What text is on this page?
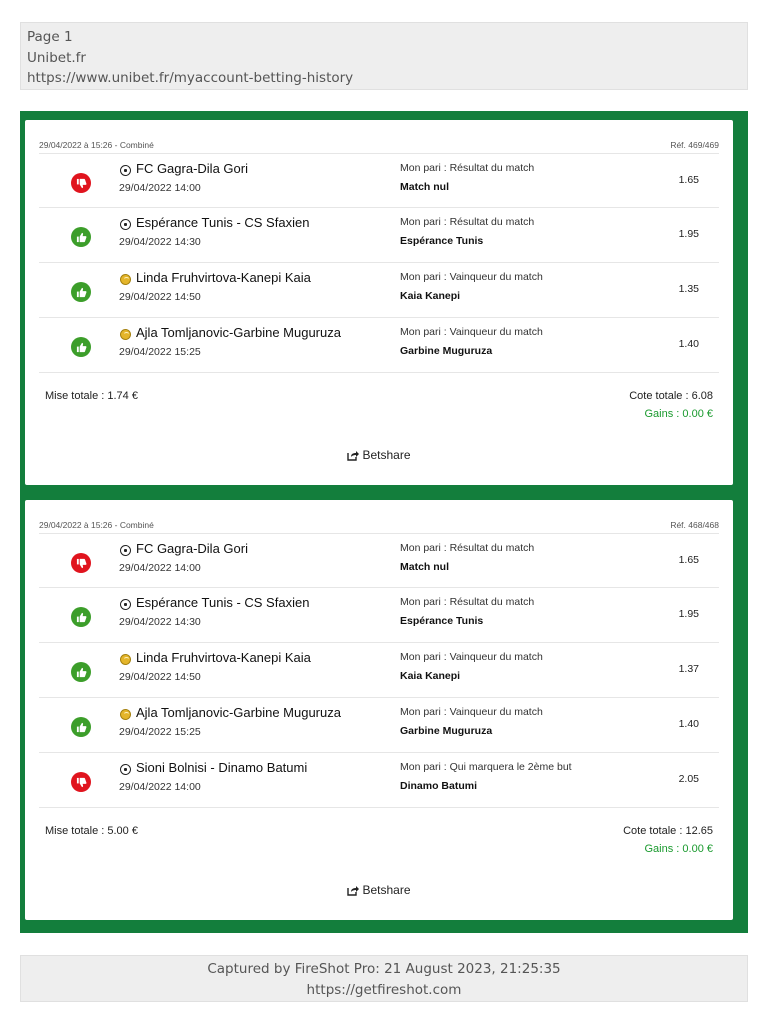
Page 1
Unibet.fr
https://www.unibet.fr/myaccount-betting-history
29/04/2022 à 15:26 - Combiné	Réf. 469/469
FC Gagra-Dila Gori
29/04/2022 14:00
Mon pari : Résultat du match
Match nul
1.65
Espérance Tunis - CS Sfaxien
29/04/2022 14:30
Mon pari : Résultat du match
Espérance Tunis
1.95
Linda Fruhvirtova-Kanepi Kaia
29/04/2022 14:50
Mon pari : Vainqueur du match
Kaia Kanepi
1.35
Ajla Tomljanovic-Garbine Muguruza
29/04/2022 15:25
Mon pari : Vainqueur du match
Garbine Muguruza
1.40
Mise totale : 1.74 €	Cote totale : 6.08
Gains : 0.00 €
Betshare
29/04/2022 à 15:26 - Combiné	Réf. 468/468
FC Gagra-Dila Gori
29/04/2022 14:00
Mon pari : Résultat du match
Match nul
1.65
Espérance Tunis - CS Sfaxien
29/04/2022 14:30
Mon pari : Résultat du match
Espérance Tunis
1.95
Linda Fruhvirtova-Kanepi Kaia
29/04/2022 14:50
Mon pari : Vainqueur du match
Kaia Kanepi
1.37
Ajla Tomljanovic-Garbine Muguruza
29/04/2022 15:25
Mon pari : Vainqueur du match
Garbine Muguruza
1.40
Sioni Bolnisi - Dinamo Batumi
29/04/2022 14:00
Mon pari : Qui marquera le 2ème but
Dinamo Batumi
2.05
Mise totale : 5.00 €	Cote totale : 12.65
Gains : 0.00 €
Betshare
Captured by FireShot Pro: 21 August 2023, 21:25:35
https://getfireshot.com
